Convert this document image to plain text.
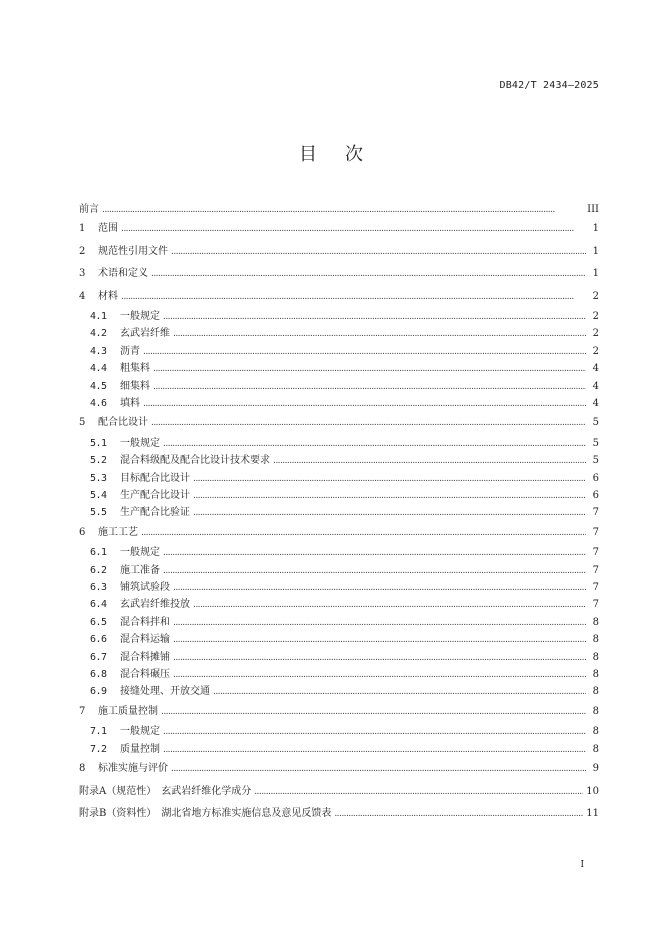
DB42/T 2434—2025
目 次
前言 . . .	III
1	范围 . . .	1
2	规范性引用文件 . . .	1
3	术语和定义 . . .	1
4	材料 . . .	2
4.1	一般规定 . . .	2
4.2	玄武岩纤维 . . .	2
4.3	沥青 . . .	2
4.4	粗集料 . . .	4
4.5	细集料 . . .	4
4.6	填料 . . .	4
5	配合比设计 . . .	5
5.1	一般规定 . . .	5
5.2	混合料级配及配合比设计技术要求 . . .	5
5.3	目标配合比设计 . . .	6
5.4	生产配合比设计 . . .	6
5.5	生产配合比验证 . . .	7
6	施工工艺 . . .	7
6.1	一般规定 . . .	7
6.2	施工准备 . . .	7
6.3	铺筑试验段 . . .	7
6.4	玄武岩纤维投放 . . .	7
6.5	混合料拌和 . . .	8
6.6	混合料运输 . . .	8
6.7	混合料摊铺 . . .	8
6.8	混合料碾压 . . .	8
6.9	接缝处理、开放交通 . . .	8
7	施工质量控制 . . .	8
7.1	一般规定 . . .	8
7.2	质量控制 . . .	8
8	标准实施与评价 . . .	9
附录A（规范性）　玄武岩纤维化学成分 . . .	10
附录B（资料性）　湖北省地方标准实施信息及意见反馈表 . . .	11
I
